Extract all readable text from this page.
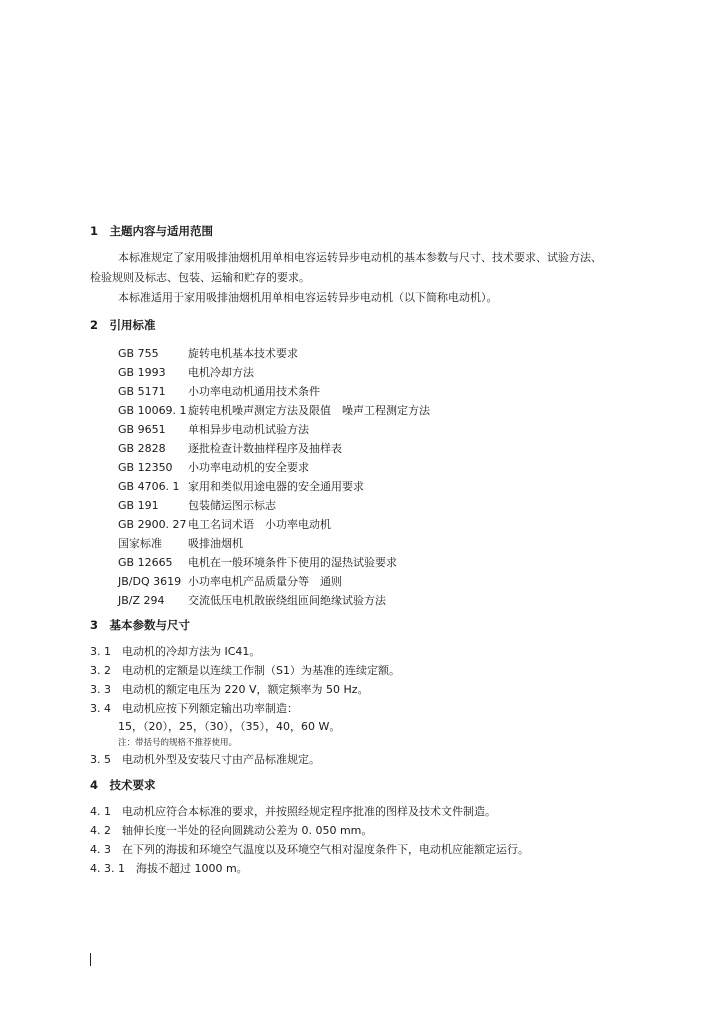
1　主题内容与适用范围
本标准规定了家用吸排油烟机用单相电容运转异步电动机的基本参数与尺寸、技术要求、试验方法、
检验规则及标志、包装、运输和贮存的要求。
本标准适用于家用吸排油烟机用单相电容运转异步电动机（以下简称电动机）。
2　引用标准
GB 755	旋转电机基本技术要求
GB 1993 电机冷却方法
GB 5171 小功率电动机通用技术条件
GB 10069. 1旋转电机噪声测定方法及限值　噪声工程测定方法
GB 9651 单相异步电动机试验方法
GB 2828 逐批检查计数抽样程序及抽样表
GB 12350 小功率电动机的安全要求
GB 4706. 1 家用和类似用途电器的安全通用要求
GB 191	包装储运图示标志
GB 2900. 27电工名词术语　小功率电动机
国家标准 吸排油烟机
GB 12665 电机在一般环境条件下使用的湿热试验要求
JB/DQ 3619 小功率电机产品质量分等　通则
JB/Z 294 交流低压电机散嵌绕组匝间绝缘试验方法
3　基本参数与尺寸
3. 1　电动机的冷却方法为 IC41。
3. 2　电动机的定额是以连续工作制（S1）为基准的连续定额。
3. 3　电动机的额定电压为 220 V，额定频率为 50 Hz。
3. 4　电动机应按下列额定输出功率制造：
15，（20），25，（30），（35），40，60 W。
注：带括号的规格不推荐使用。
3. 5　电动机外型及安装尺寸由产品标准规定。
4　技术要求
4. 1　电动机应符合本标准的要求，并按照经规定程序批准的图样及技术文件制造。
4. 2　轴伸长度一半处的径向圆跳动公差为 0. 050 mm。
4. 3　在下列的海拔和环境空气温度以及环境空气相对湿度条件下，电动机应能额定运行。
4. 3. 1　海拔不超过 1000 m。
